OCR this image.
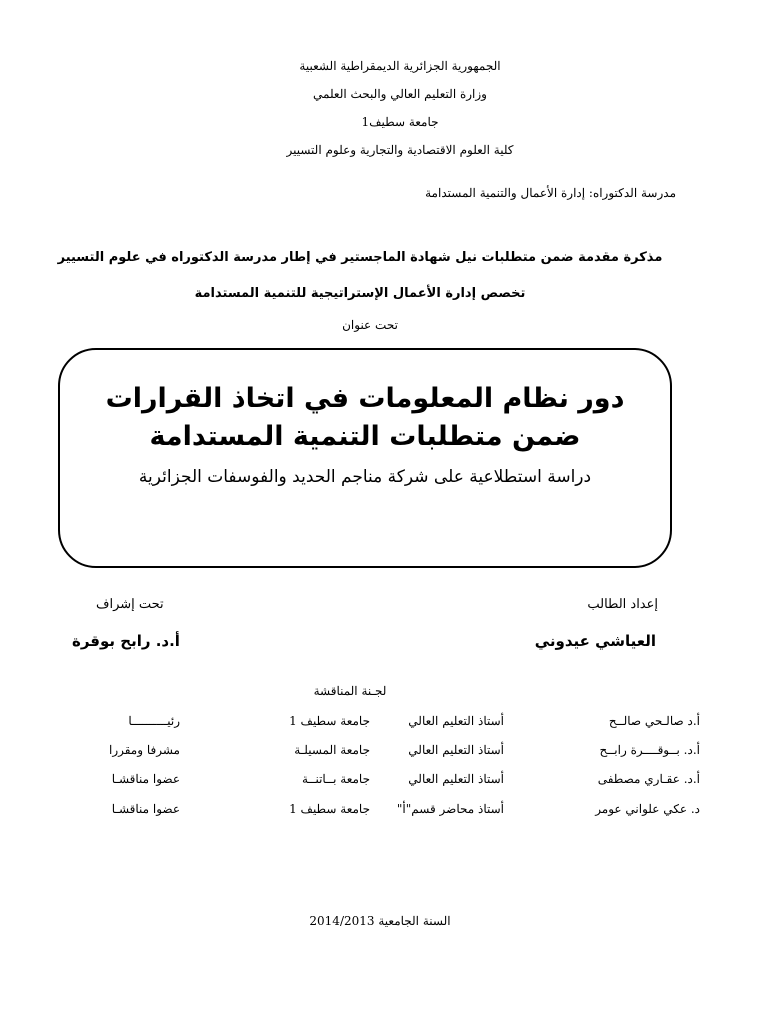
الجمهورية الجزائرية الديمقراطية الشعبية
وزارة التعليم العالي والبحث العلمي
جامعة سطيف1
كلية العلوم الاقتصادية والتجارية وعلوم التسيير
مدرسة الدكتوراه: إدارة الأعمال والتنمية المستدامة
مذكرة مقدمة ضمن متطلبات نيل شهادة الماجستير في إطار مدرسة الدكتوراه في علوم التسيير
تخصص إدارة الأعمال الإستراتيجية للتنمية المستدامة
تحت عنوان
دور نظام المعلومات في اتخاذ القرارات ضمن متطلبات التنمية المستدامة
دراسة استطلاعية على شركة مناجم الحديد والفوسفات الجزائرية
إعداد الطالب
العياشي عيدوني
تحت إشراف
أ.د. رابح بوقرة
لجـنة المناقشة
أ.د صالـحي صالــح
أستاذ التعليم العالي
جامعة سطيف 1
رئيــــــــــا
أ.د. بــوقــــرة رابــح
أستاذ التعليم العالي
جامعة المسيلـة
مشرفا ومقررا
أ.د. عقـاري مصطفى
أستاذ التعليم العالي
جامعة بــاتنــة
عضوا مناقشـا
د. عكي علواني عومر
أستاذ محاضر قسم"أ"
جامعة سطيف 1
عضوا مناقشـا
السنة الجامعية 2014/2013
